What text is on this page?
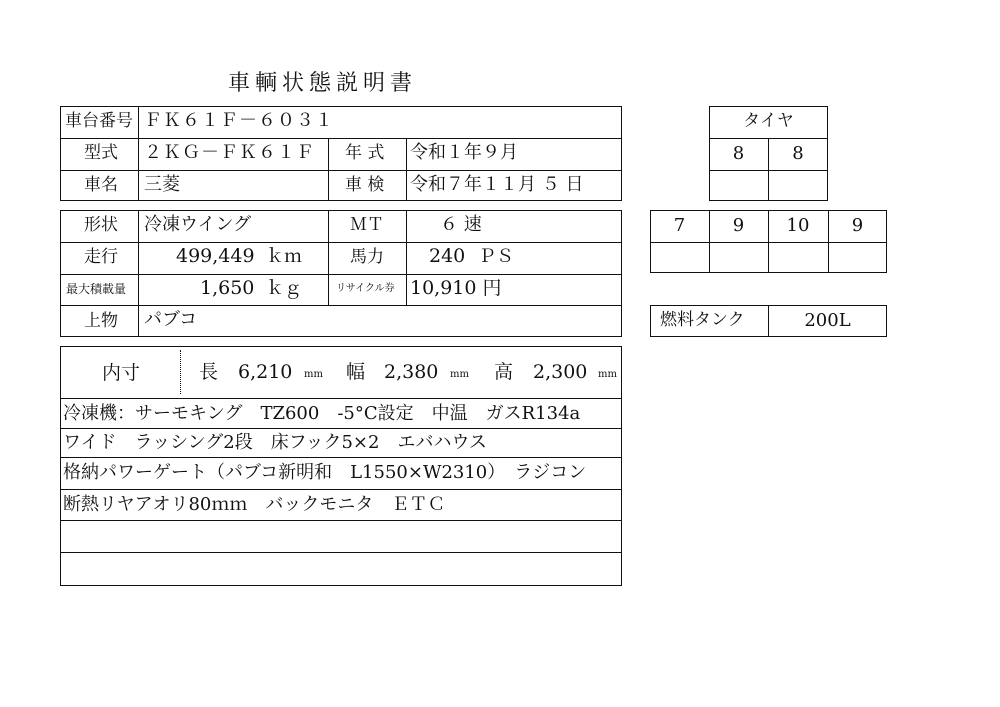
車輌状態説明書
車台番号 ＦＫ６１Ｆ－６０３１
型式 ２ＫＧ－ＦＫ６１Ｆ 年 式 令和１年９月
車名 三菱	車 検 令和７年１１月 ５ 日
形状 冷凍ウイング	ＭＴ	６ 速
走行	499,449 ｋｍ	馬力 240 ＰＳ
最大積載量	1,650 ｋｇ	リサイクル券 10,910 円
上物 パブコ
内寸	長 6,210 mm 幅 2,380 mm 高 2,300 mm
冷凍機：サーモキング　TZ600　-5°C設定　中温　ガスR134a
ワイド　ラッシング2段　床フック5×2　エバハウス
格納パワーゲート（パブコ新明和　L1550×W2310）　ラジコン
断熱リヤアオリ80ｍｍ　バックモニタ　ＥＴＣ
タイヤ
8	8
7	9	10	9
燃料タンク	200L
